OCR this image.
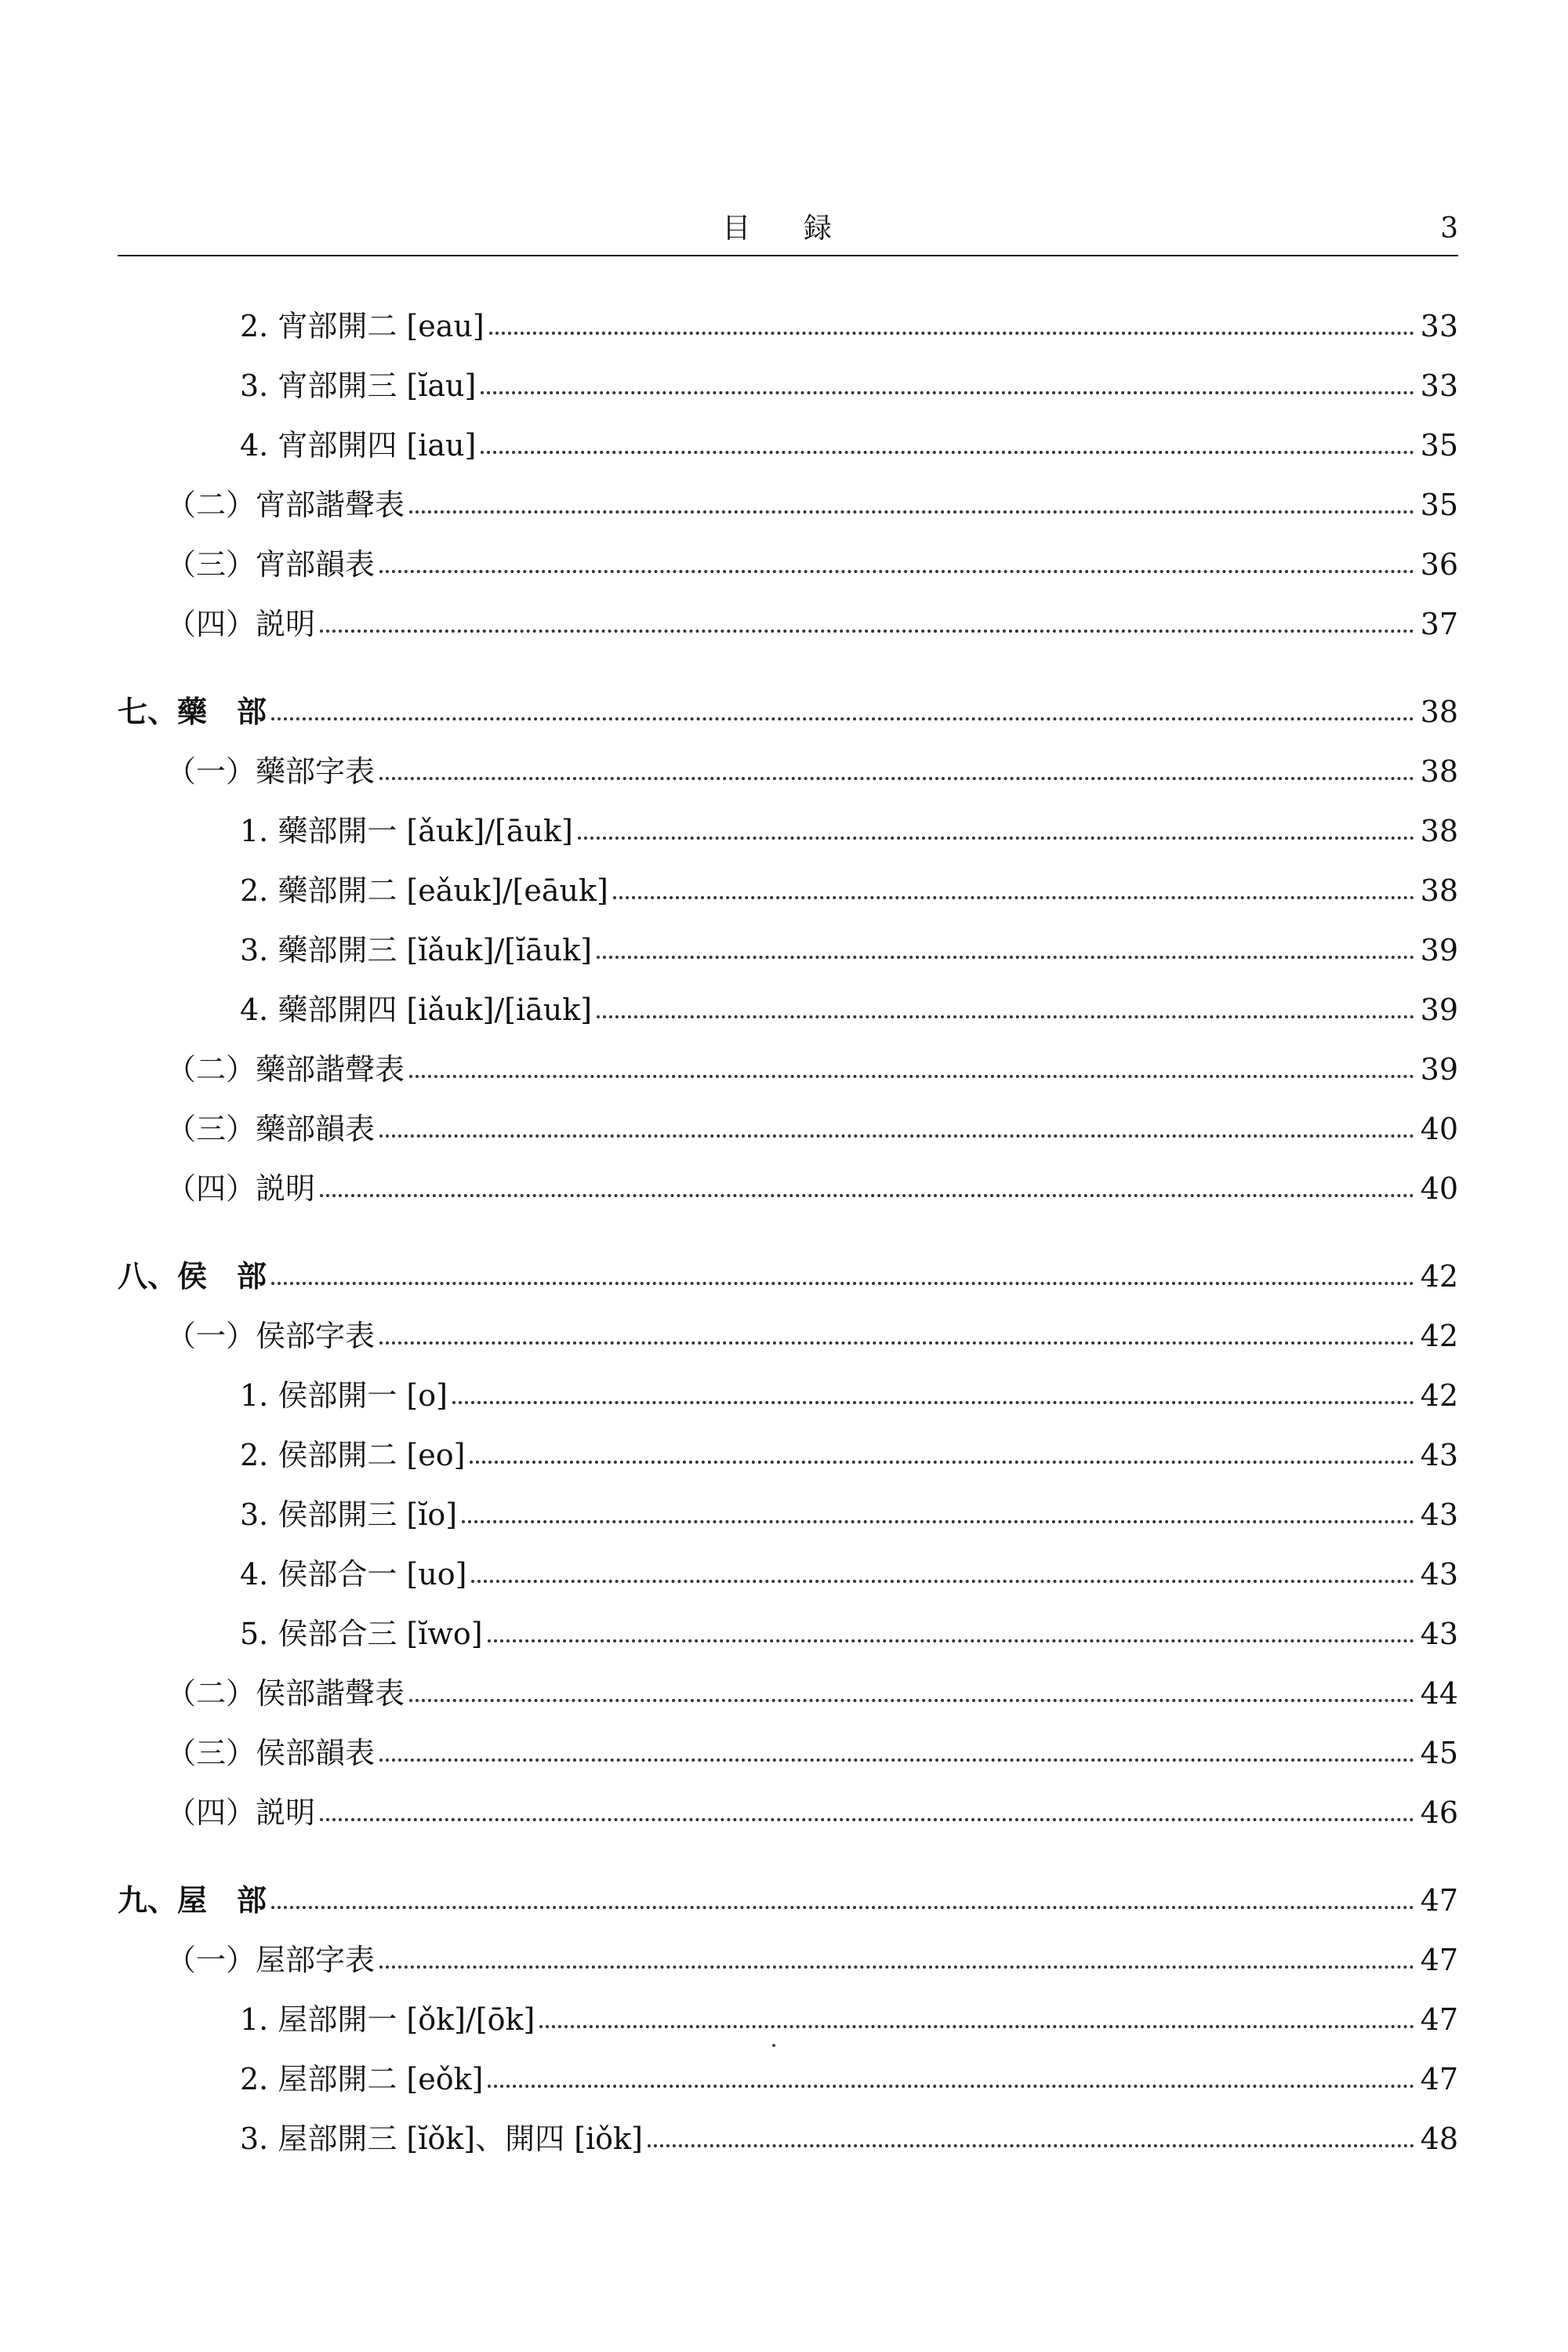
目 録	3
2. 宵部開二 [eau]	33
3. 宵部開三 [ĭau]	33
4. 宵部開四 [iau]	35
（二）宵部諧聲表	35
（三）宵部韻表	36
（四）説明	37
七、藥　部	38
（一）藥部字表	38
1. 藥部開一 [ǎuk]/[āuk]	38
2. 藥部開二 [eǎuk]/[eāuk]	38
3. 藥部開三 [ĭǎuk]/[ĭāuk]	39
4. 藥部開四 [iǎuk]/[iāuk]	39
（二）藥部諧聲表	39
（三）藥部韻表	40
（四）説明	40
八、侯　部	42
（一）侯部字表	42
1. 侯部開一 [o]	42
2. 侯部開二 [eo]	43
3. 侯部開三 [ĭo]	43
4. 侯部合一 [uo]	43
5. 侯部合三 [ĭwo]	43
（二）侯部諧聲表	44
（三）侯部韻表	45
（四）説明	46
九、屋　部	47
（一）屋部字表	47
1. 屋部開一 [ǒk]/[ōk]	47
2. 屋部開二 [eǒk]	47
3. 屋部開三 [ĭǒk]、開四 [iǒk]	48
